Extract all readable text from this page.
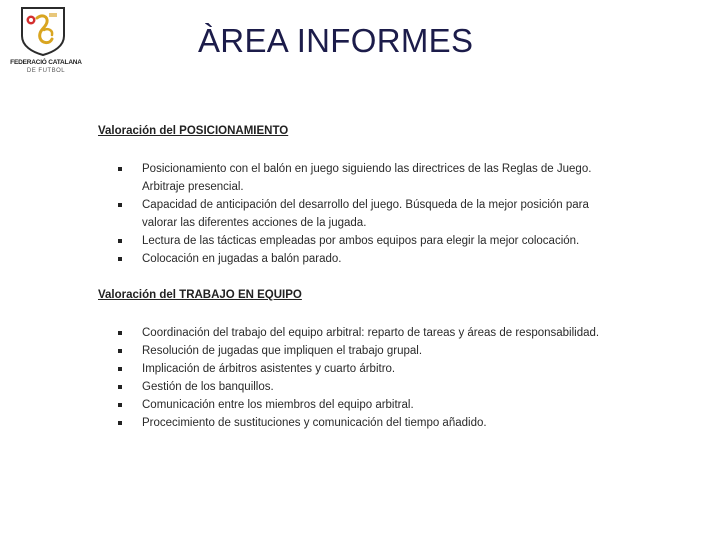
FEDERACIÓ CATALANA
DE FUTBOL
ÀREA INFORMES

Valoración del POSICIONAMIENTO

Posicionamiento con el balón en juego siguiendo las directrices de las Reglas de Juego. Arbitraje presencial.
Capacidad de anticipación del desarrollo del juego. Búsqueda de la mejor posición para valorar las diferentes acciones de la jugada.
Lectura de las tácticas empleadas por ambos equipos para elegir la mejor colocación.
Colocación en jugadas a balón parado.

Valoración del TRABAJO EN EQUIPO

Coordinación del trabajo del equipo arbitral: reparto de tareas y áreas de responsabilidad.
Resolución de jugadas que impliquen el trabajo grupal.
Implicación de árbitros asistentes y cuarto árbitro.
Gestión de los banquillos.
Comunicación entre los miembros del equipo arbitral.
Procecimiento de sustituciones y comunicación del tiempo añadido.
